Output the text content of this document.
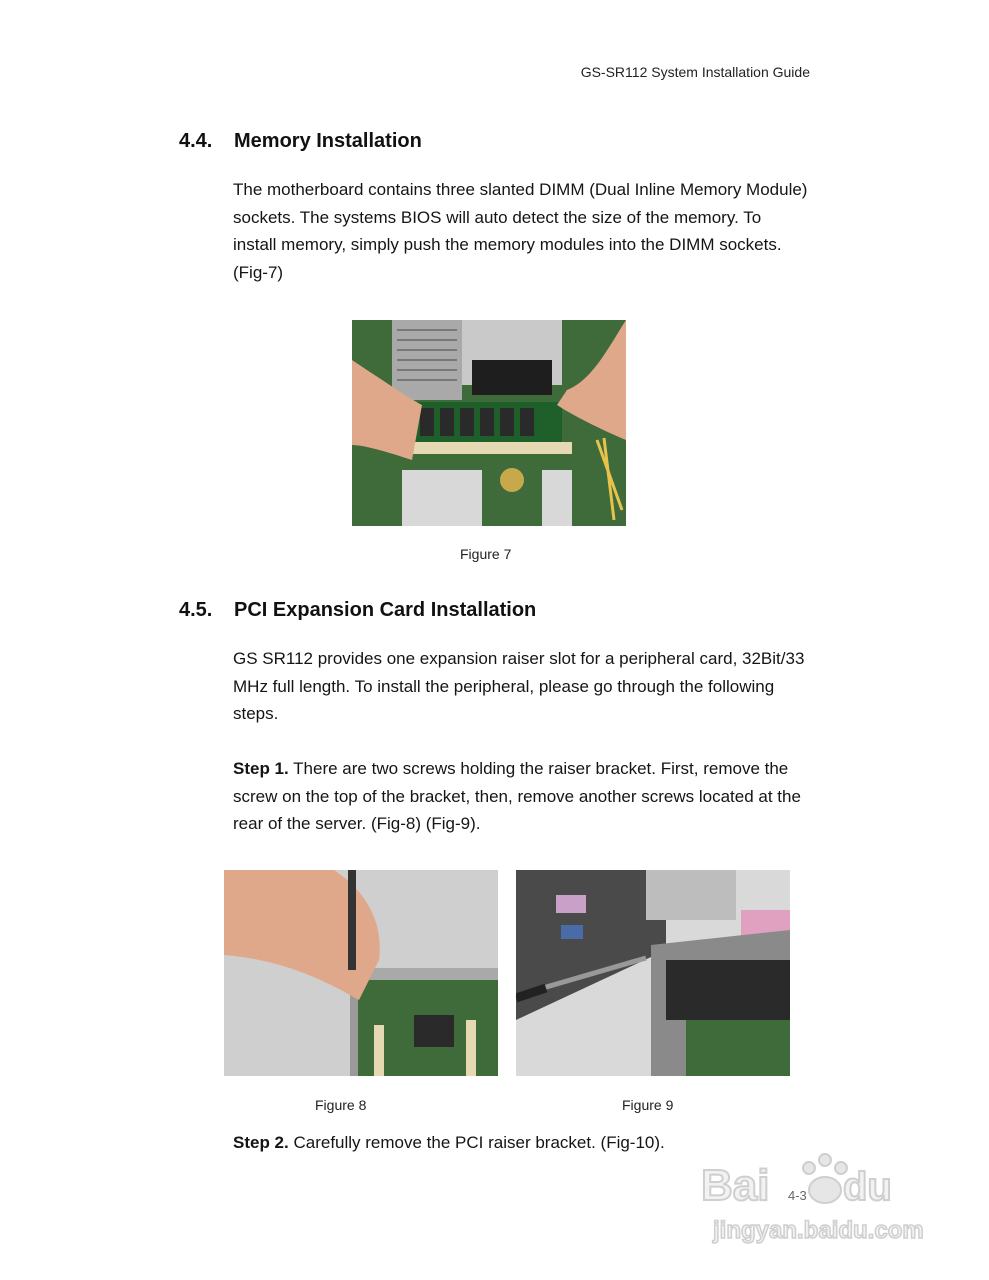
GS-SR112 System Installation Guide
4.4. Memory Installation
The motherboard contains three slanted DIMM (Dual Inline Memory Module) sockets. The systems BIOS will auto detect the size of the memory. To install memory, simply push the memory modules into the DIMM sockets. (Fig-7)
Figure 7
4.5. PCI Expansion Card Installation
GS SR112 provides one expansion raiser slot for a peripheral card, 32Bit/33 MHz full length. To install the peripheral, please go through the following steps.
Step 1. There are two screws holding the raiser bracket. First, remove the screw on the top of the bracket, then, remove another screws located at the rear of the server. (Fig-8) (Fig-9).
Figure 8	Figure 9
Step 2. Carefully remove the PCI raiser bracket. (Fig-10).
4-3
Bai du
jingyan.baidu.com
